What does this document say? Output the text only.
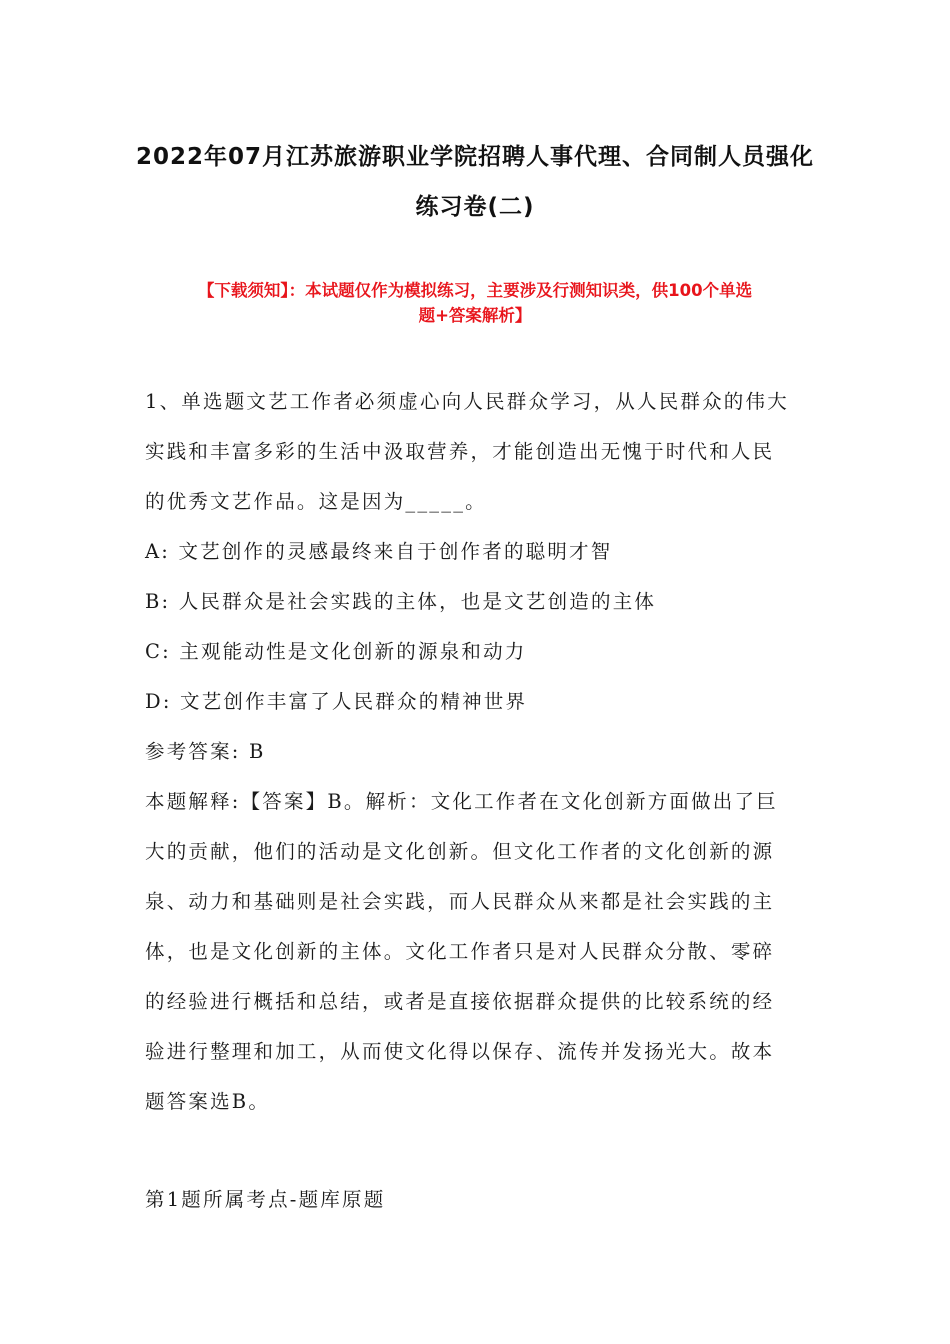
2022年07月江苏旅游职业学院招聘人事代理、合同制人员强化
练习卷(二)
【下载须知】：本试题仅作为模拟练习，主要涉及行测知识类，供100个单选
题+答案解析】
1、单选题文艺工作者必须虚心向人民群众学习，从人民群众的伟大
实践和丰富多彩的生活中汲取营养，才能创造出无愧于时代和人民
的优秀文艺作品。这是因为_____。
A: 文艺创作的灵感最终来自于创作者的聪明才智
B: 人民群众是社会实践的主体，也是文艺创造的主体
C: 主观能动性是文化创新的源泉和动力
D: 文艺创作丰富了人民群众的精神世界
参考答案: B
本题解释:【答案】B。解析：文化工作者在文化创新方面做出了巨
大的贡献，他们的活动是文化创新。但文化工作者的文化创新的源
泉、动力和基础则是社会实践，而人民群众从来都是社会实践的主
体，也是文化创新的主体。文化工作者只是对人民群众分散、零碎
的经验进行概括和总结，或者是直接依据群众提供的比较系统的经
验进行整理和加工，从而使文化得以保存、流传并发扬光大。故本
题答案选B。
第1题所属考点-题库原题
